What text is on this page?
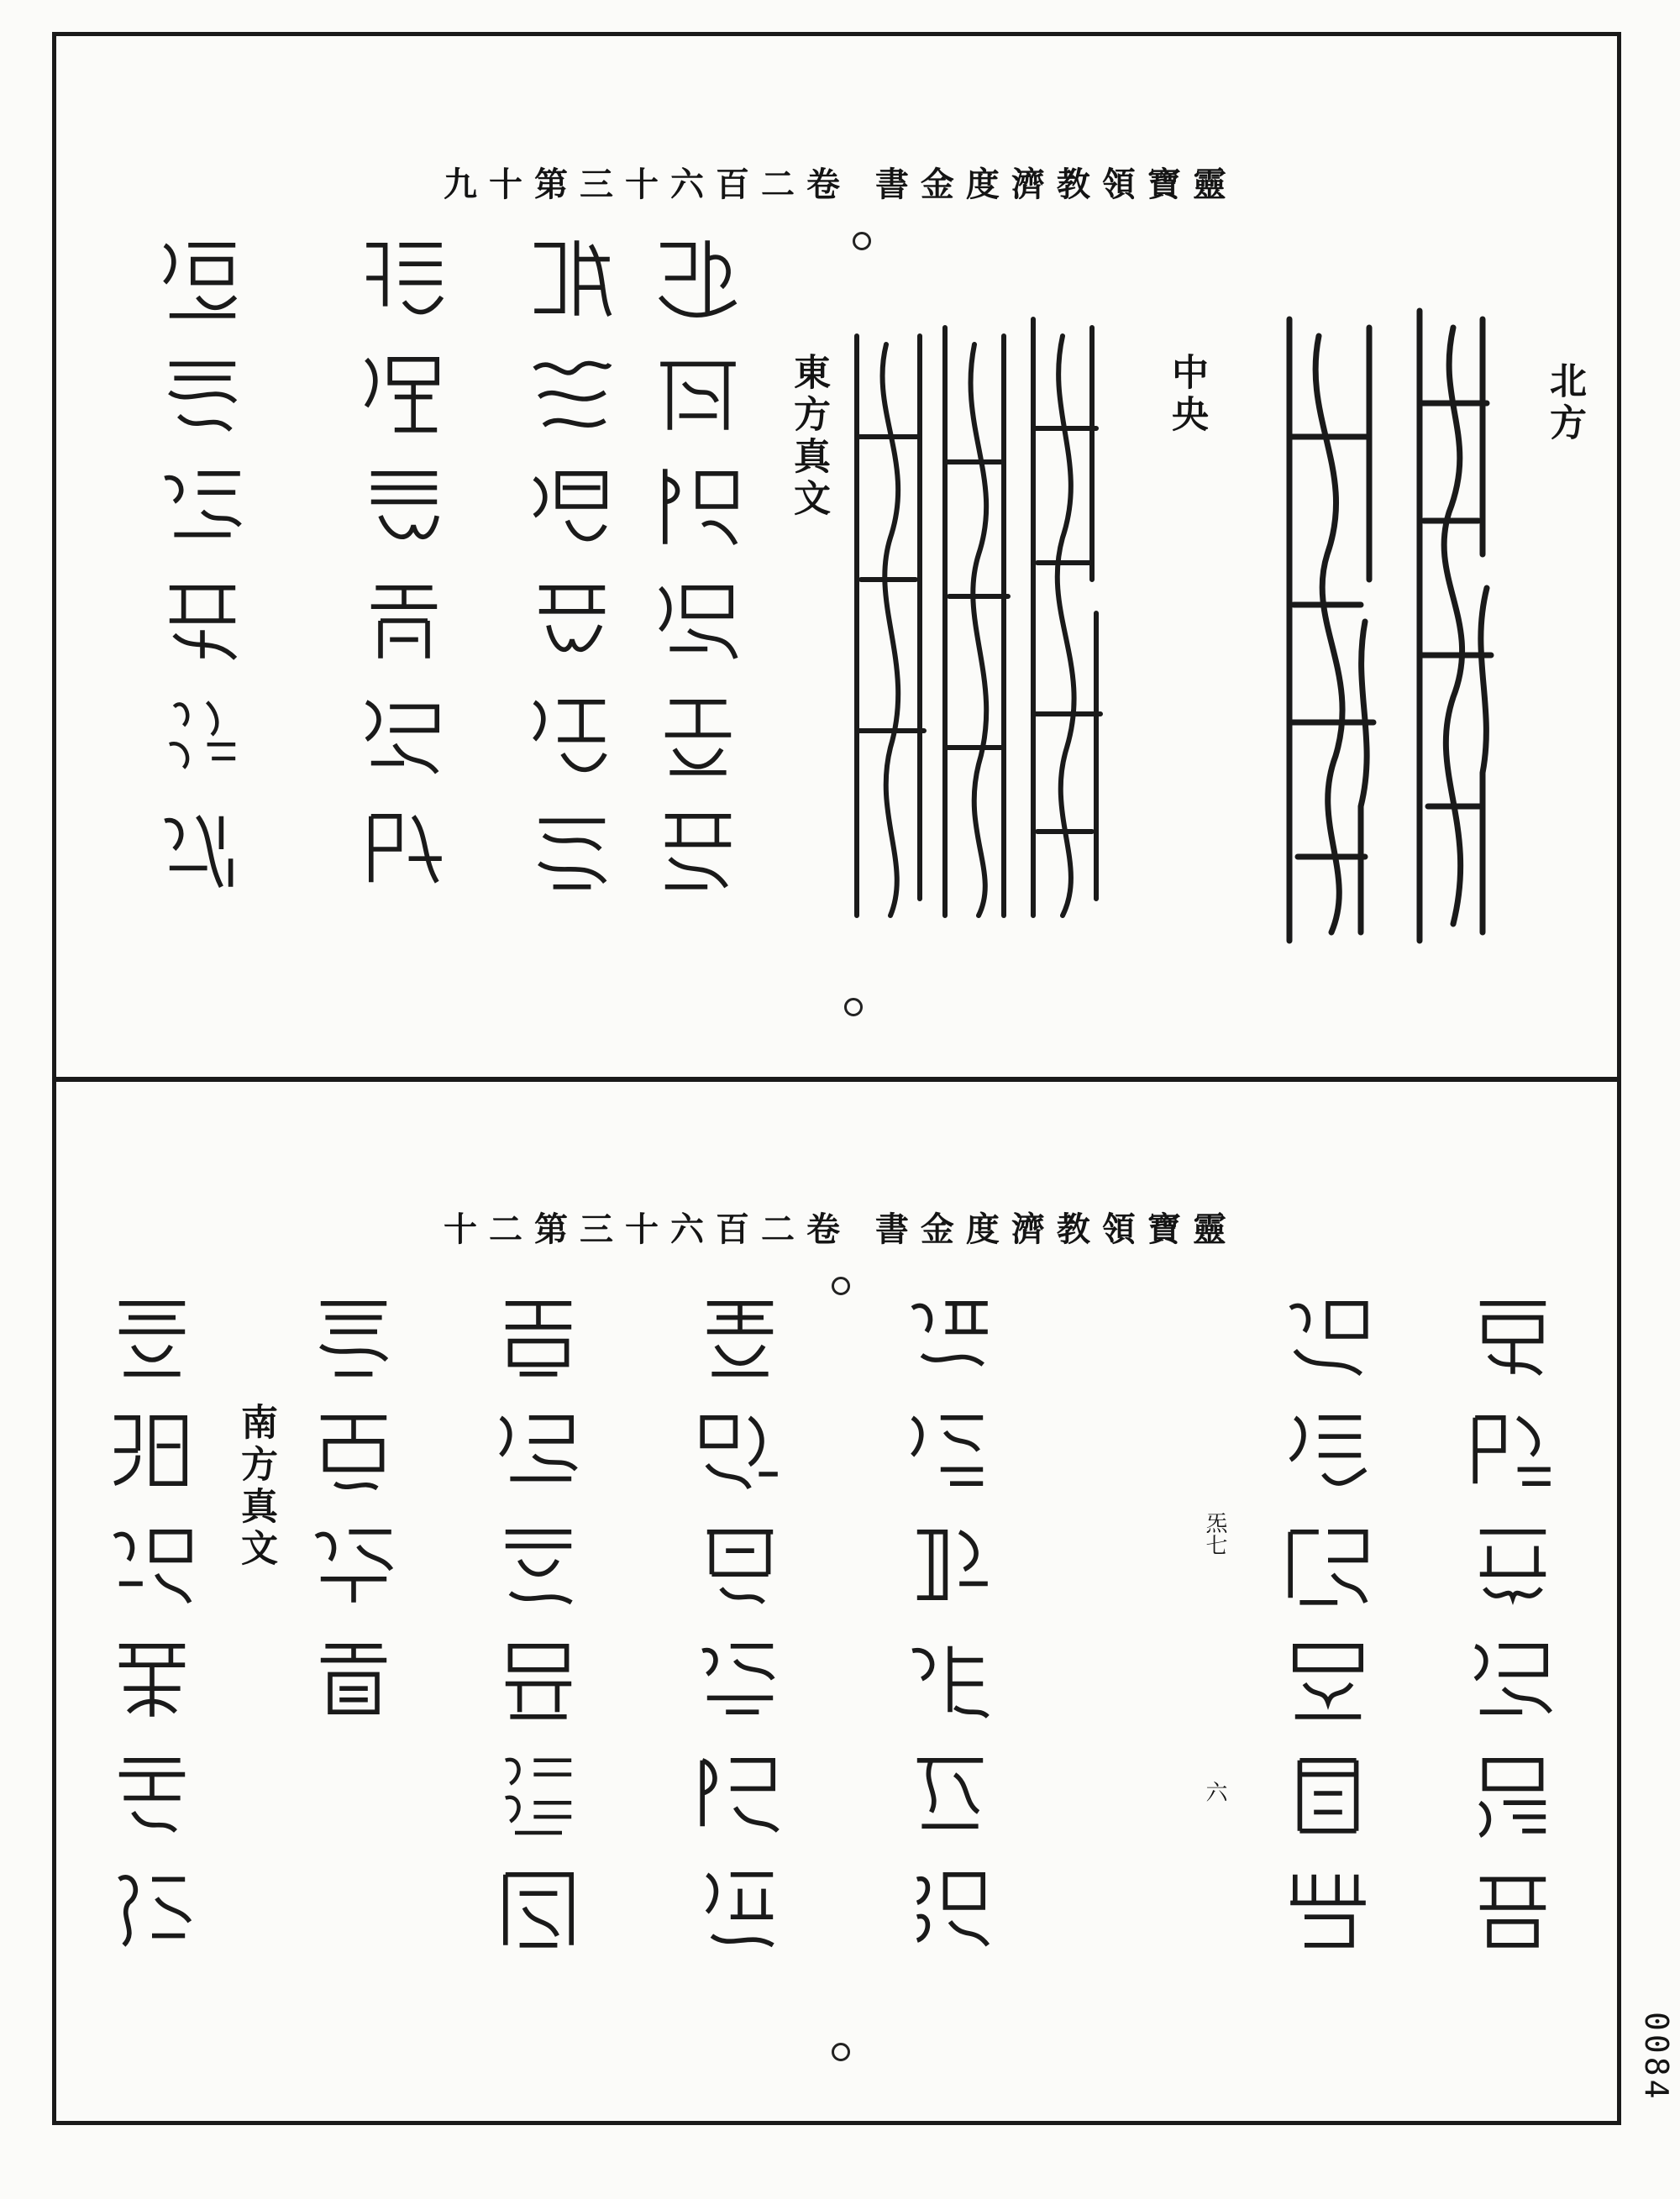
靈寶領教濟度金書 卷二百六十三第十九
北方
中央
東方真文
靈寶領教濟度金書 卷二百六十三第二十
炁七
六
南方真文
0084
